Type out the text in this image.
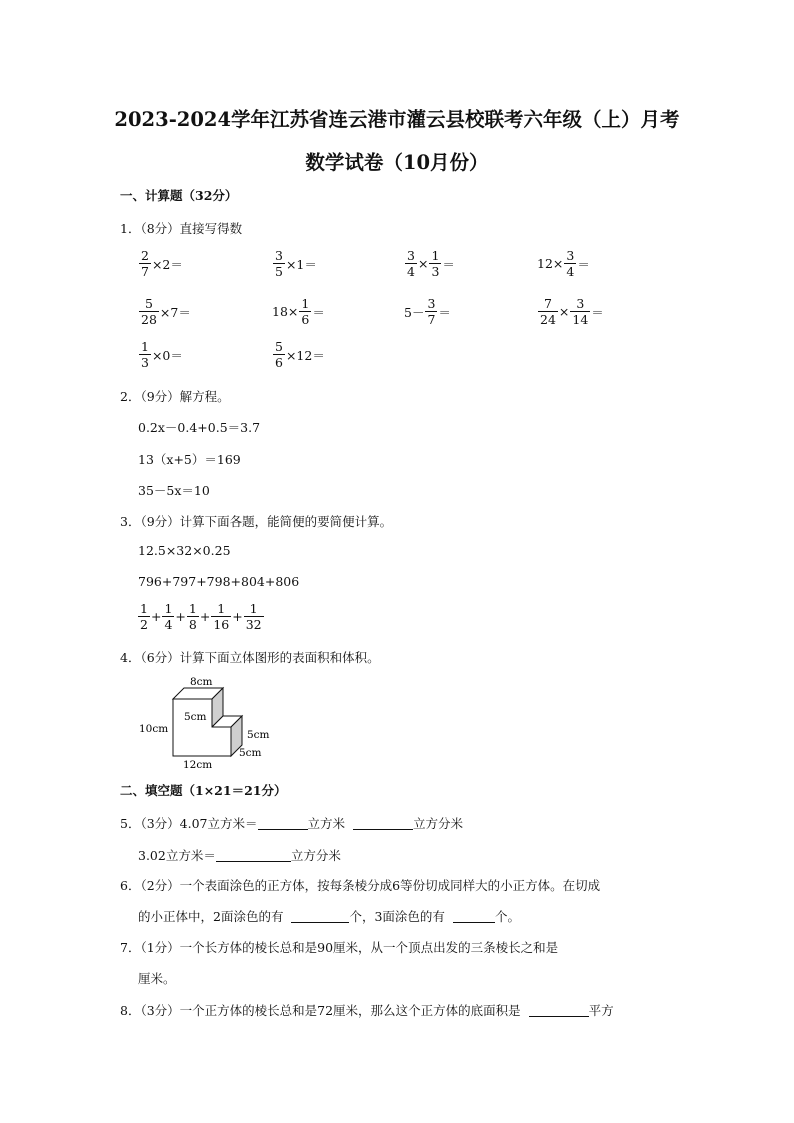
2023-2024学年江苏省连云港市灌云县校联考六年级（上）月考
数学试卷（10月份）
一、计算题（32分）
1．（8分）直接写得数
$\frac{2}{7} \times 2=$	$\frac{3}{5} \times 1=$	$\frac{3}{4} \times \frac{1}{3}$ ＝	$12\times \frac{3}{4}$ ＝
$\frac{5}{28} \times 7=$	$18\times \frac{1}{6}$ ＝	$5- \frac{3}{7}$ ＝	$\frac{7}{24} \times \frac{3}{14}$ ＝
$\frac{1}{3} \times 0=$	$\frac{5}{6} \times 12=$
2．（9分）解方程。
0.2x－0.4+0.5＝3.7
13（x+5）＝169
35－5x＝10
3．（9分）计算下面各题，能简便的要简便计算。
12.5×32×0.25
796+797+798+804+806
$\frac{1}{2} + \frac{1}{4} + \frac{1}{8} + \frac{1}{16} + \frac{1}{32}$
4．（6分）计算下面立体图形的表面积和体积。
8cm
5cm
10cm	5cm
5cm
12cm
二、填空题（1×21＝21分）
5．（3分）4.07立方米＝	立方米	立方分米
3.02立方米＝	立方分米
6．（2分）一个表面涂色的正方体，按每条棱分成6等份切成同样大的小正方体。在切成
的小正体中，2面涂色的有	个，3面涂色的有	个。
7．（1分）一个长方体的棱长总和是90厘米，从一个顶点出发的三条棱长之和是
厘米。
8．（3分）一个正方体的棱长总和是72厘米，那么这个正方体的底面积是	平方
